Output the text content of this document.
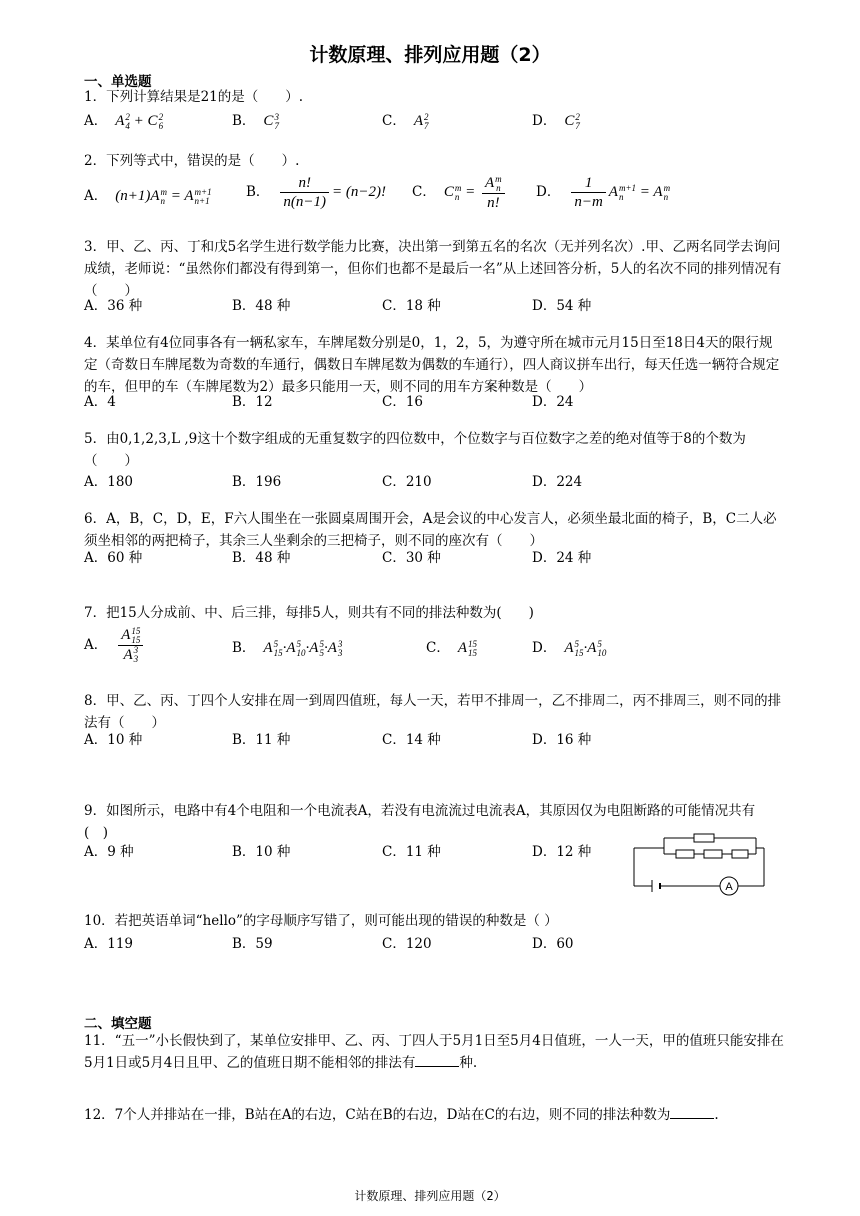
计数原理、排列应用题（2）
一、单选题
1．下列计算结果是21的是（　　）.
A． A 2
4 + C 2
6	B． C 3
7	C． A 2
7	D． C 2
7
2．下列等式中，错误的是（　　）.
A． (n+1)A m
n = A m+1
n+1
B． $\frac{n!}{n(n-1)} = (n-2)$! C． C m
n = A m
n
n! D． $\frac{1}{n-m}$ A m+1
n = A m
n
3．甲、乙、丙、丁和戊5名学生进行数学能力比赛，决出第一到第五名的名次（无并列名次）.甲、乙两名同学去询问成绩，老师说：“虽然你们都没有得到第一，但你们也都不是最后一名”从上述回答分析，5人的名次不同的排列情况有（　　）
A．36 种	B．48 种	C．18 种	D．54 种
4．某单位有4位同事各有一辆私家车，车牌尾数分别是0，1，2，5，为遵守所在城市元月15日至18日4天的限行规定（奇数日车牌尾数为奇数的车通行，偶数日车牌尾数为偶数的车通行），四人商议拼车出行，每天任选一辆符合规定的车，但甲的车（车牌尾数为2）最多只能用一天，则不同的用车方案种数是（　　）
A．4	B．12	C．16	D．24
5．由0,1,2,3,L ,9这十个数字组成的无重复数字的四位数中，个位数字与百位数字之差的绝对值等于8的个数为（　　）
A．180	B．196	C．210	D．224
6．A，B，C，D，E，F六人围坐在一张圆桌周围开会，A是会议的中心发言人，必须坐最北面的椅子，B，C二人必须坐相邻的两把椅子，其余三人坐剩余的三把椅子，则不同的座次有（　　）
A．60 种	B．48 种	C．30 种	D．24 种
7．把15人分成前、中、后三排，每排5人，则共有不同的排法种数为(　　)
A． A 15
15
A 3
3	B． A 5
15 ·A 5
10 ·A 5
5 ·A 3
3	C． A 15
15	D． A 5
15 ·A 5
10
8．甲、乙、丙、丁四个人安排在周一到周四值班，每人一天，若甲不排周一，乙不排周二，丙不排周三，则不同的排法有（　　）
A．10 种	B．11 种	C．14 种	D．16 种
9．如图所示，电路中有4个电阻和一个电流表A，若没有电流流过电流表A，其原因仅为电阻断路的可能情况共有　　(　)
A．9 种	B．10 种	C．11 种	D．12 种
A
10．若把英语单词“hello”的字母顺序写错了，则可能出现的错误的种数是（ ）
A．119	B．59	C．120	D．60
二、填空题
11．“五一”小长假快到了，某单位安排甲、乙、丙、丁四人于5月1日至5月4日值班，一人一天，甲的值班只能安排在5月1日或5月4日且甲、乙的值班日期不能相邻的排法有	种.
12．7个人并排站在一排，B站在A的右边，C站在B的右边，D站在C的右边，则不同的排法种数为	.
计数原理、排列应用题（2）
